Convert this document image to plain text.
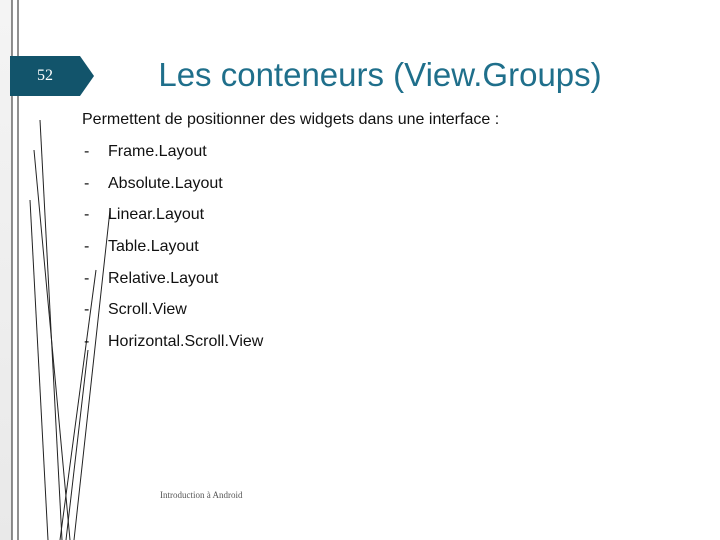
52	Les conteneurs (View.Groups)
Permettent de positionner des widgets dans une interface :
- Frame.Layout
- Absolute.Layout
- Linear.Layout
- Table.Layout
- Relative.Layout
- Scroll.View
- Horizontal.Scroll.View
Introduction à Android
